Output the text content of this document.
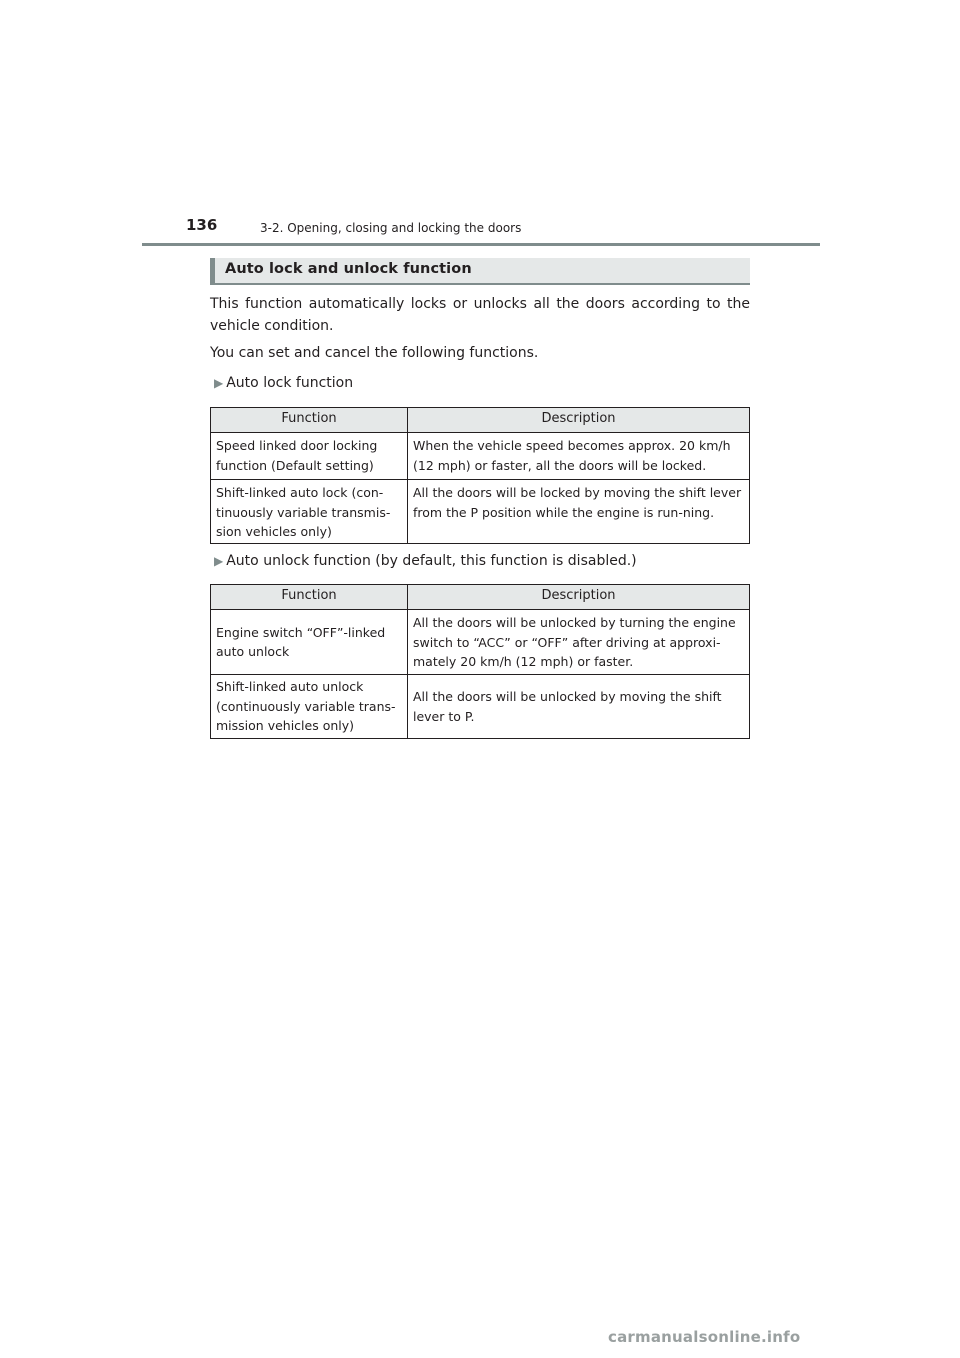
136	3-2. Opening, closing and locking the doors
Auto lock and unlock function
This function automatically locks or unlocks all the doors according to the vehicle condition.
You can set and cancel the following functions.
▶ Auto lock function
Function	Description
Speed linked door locking function (Default setting)	When the vehicle speed becomes approx. 20 km/h (12 mph) or faster, all the doors will be locked.
Shift-linked auto lock (con-tinuously variable transmis-sion vehicles only)	All the doors will be locked by moving the shift lever from the P position while the engine is run-ning.
▶ Auto unlock function (by default, this function is disabled.)
Function	Description
Engine switch “OFF”-linked auto unlock	All the doors will be unlocked by turning the engine switch to “ACC” or “OFF” after driving at approxi-mately 20 km/h (12 mph) or faster.
Shift-linked auto unlock (continuously variable trans-mission vehicles only)	All the doors will be unlocked by moving the shift lever to P.
carmanualsonline.info
